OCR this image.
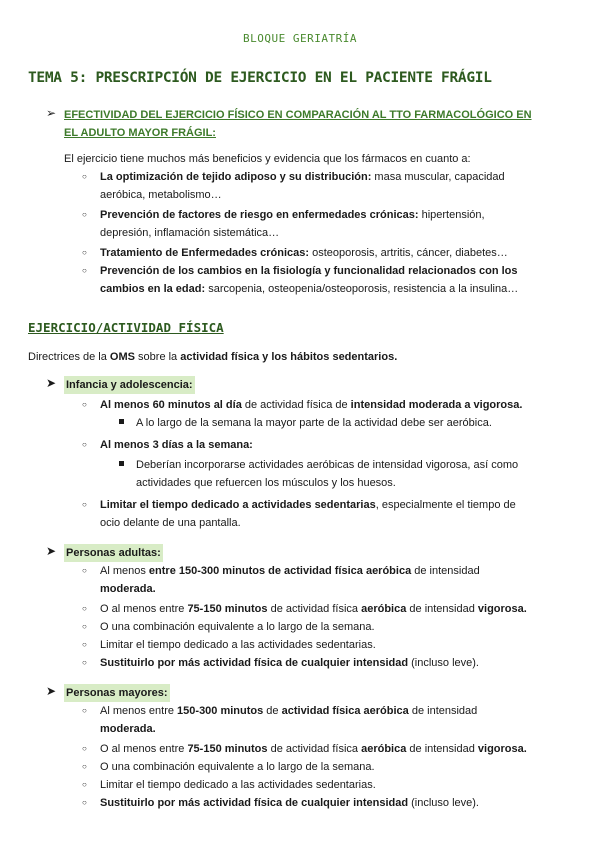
BLOQUE GERIATRÍA
TEMA 5: PRESCRIPCIÓN DE EJERCICIO EN EL PACIENTE FRÁGIL
➢ EFECTIVIDAD DEL EJERCICIO FÍSICO EN COMPARACIÓN AL TTO FARMACOLÓGICO EN
EL ADULTO MAYOR FRÁGIL:
El ejercicio tiene muchos más beneficios y evidencia que los fármacos en cuanto a:
○ La optimización de tejido adiposo y su distribución: masa muscular, capacidad
aeróbica, metabolismo…
○ Prevención de factores de riesgo en enfermedades crónicas: hipertensión,
depresión, inflamación sistemática…
○ Tratamiento de Enfermedades crónicas: osteoporosis, artritis, cáncer, diabetes…
○ Prevención de los cambios en la fisiología y funcionalidad relacionados con los
cambios en la edad: sarcopenia, osteopenia/osteoporosis, resistencia a la insulina…
EJERCICIO/ACTIVIDAD FÍSICA
Directrices de la OMS sobre la actividad física y los hábitos sedentarios.
➤ Infancia y adolescencia:
○ Al menos 60 minutos al día de actividad física de intensidad moderada a vigorosa.
A lo largo de la semana la mayor parte de la actividad debe ser aeróbica.
○ Al menos 3 días a la semana:
Deberían incorporarse actividades aeróbicas de intensidad vigorosa, así como
actividades que refuercen los músculos y los huesos.
○ Limitar el tiempo dedicado a actividades sedentarias, especialmente el tiempo de
ocio delante de una pantalla.
➤ Personas adultas:
○ Al menos entre 150-300 minutos de actividad física aeróbica de intensidad
moderada.
○ O al menos entre 75-150 minutos de actividad física aeróbica de intensidad vigorosa.
○ O una combinación equivalente a lo largo de la semana.
○ Limitar el tiempo dedicado a las actividades sedentarias.
○ Sustituirlo por más actividad física de cualquier intensidad (incluso leve).
➤ Personas mayores:
○ Al menos entre 150-300 minutos de actividad física aeróbica de intensidad
moderada.
○ O al menos entre 75-150 minutos de actividad física aeróbica de intensidad vigorosa.
○ O una combinación equivalente a lo largo de la semana.
○ Limitar el tiempo dedicado a las actividades sedentarias.
○ Sustituirlo por más actividad física de cualquier intensidad (incluso leve).
